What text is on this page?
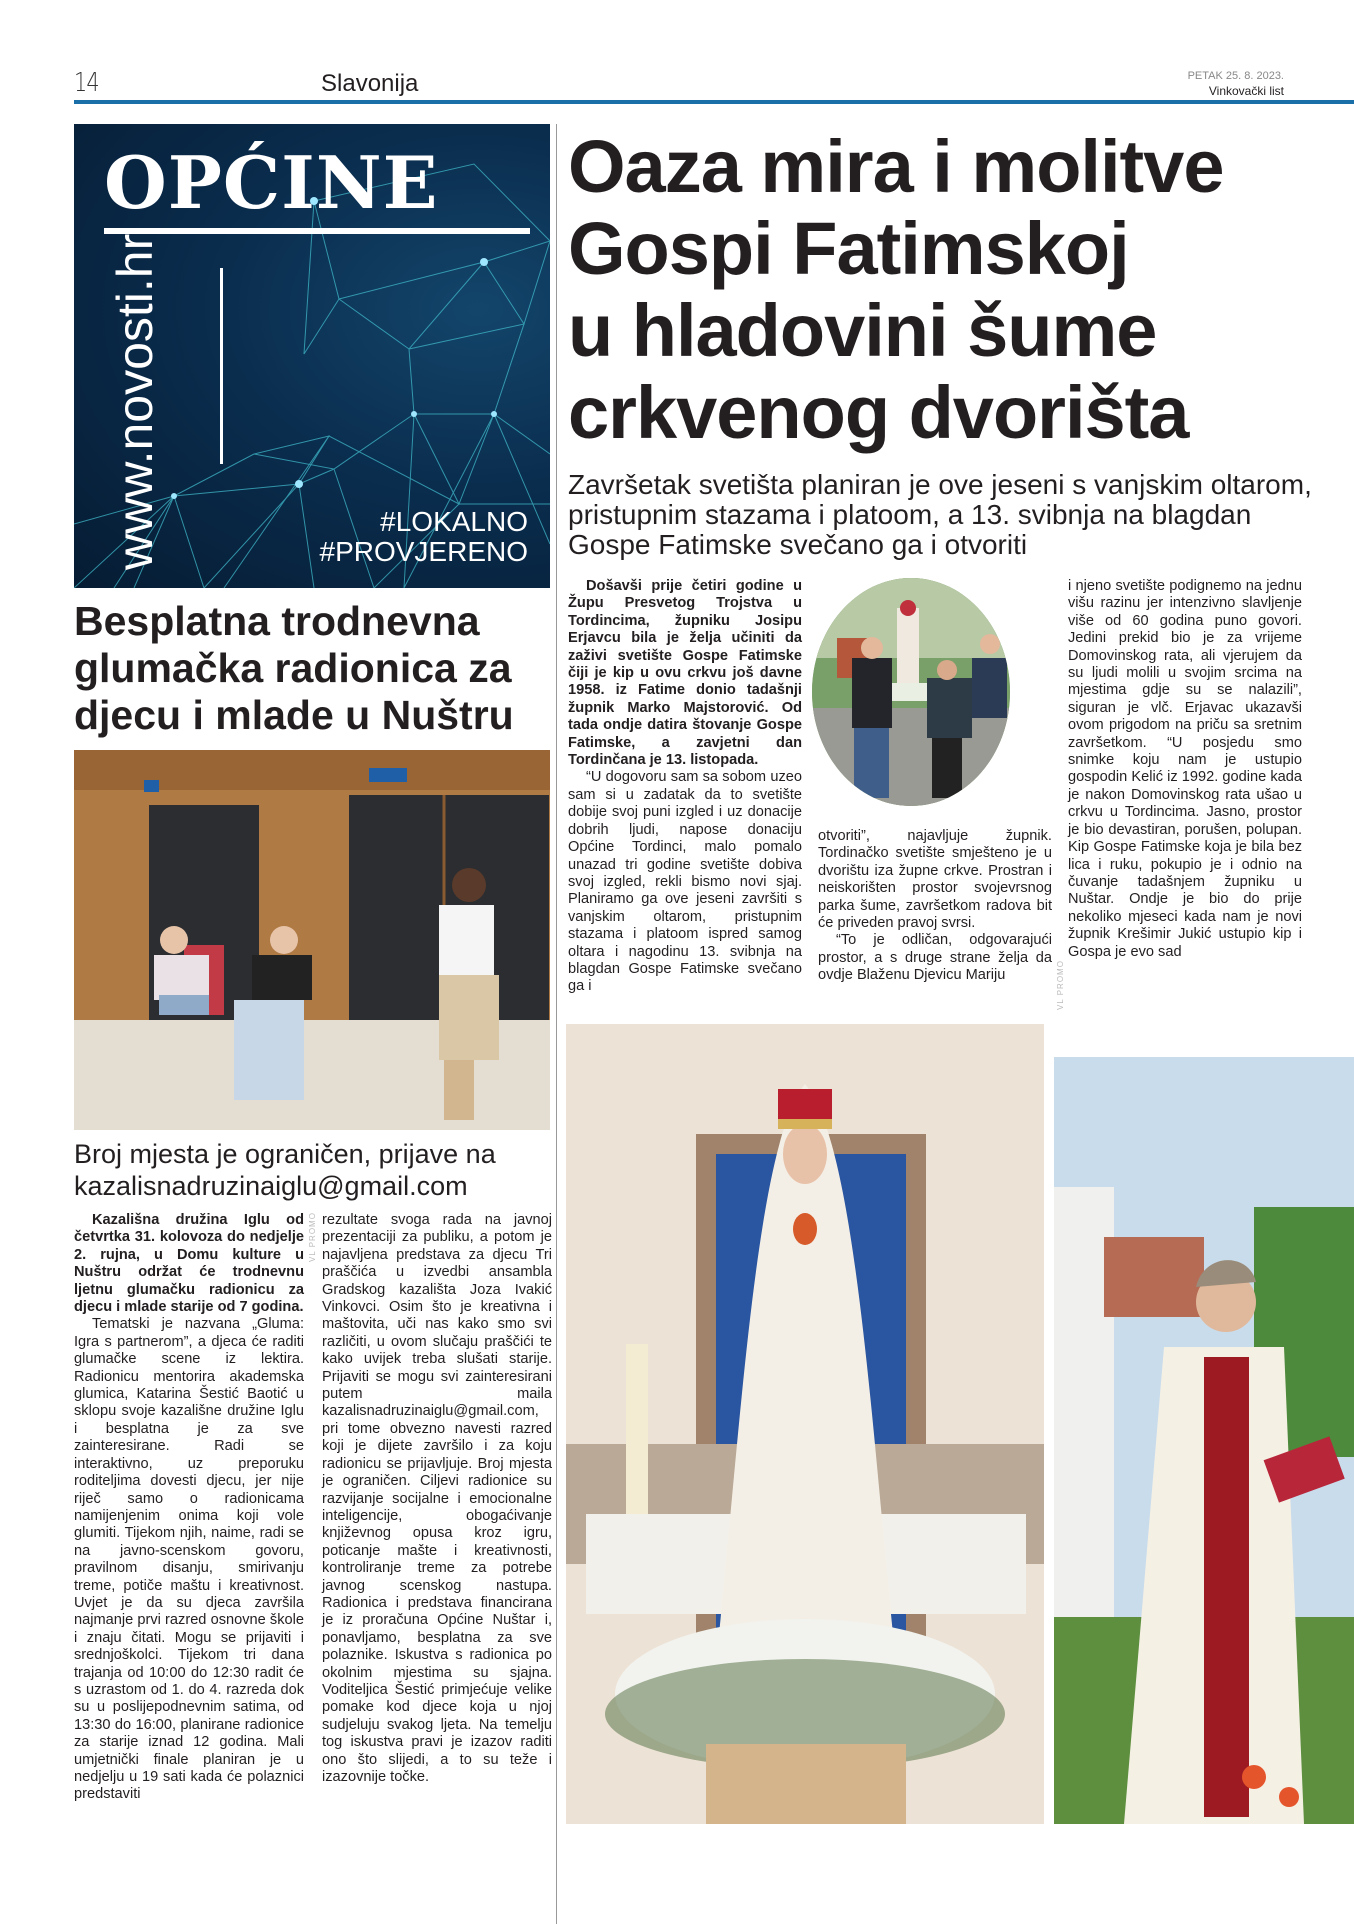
14	Slavonija	PETAK 25. 8. 2023.
Vinkovački list
OPĆINE
www.novosti.hr	#LOKALNO
#PROVJERENO
Besplatna trodnevna glumačka radionica za djecu i mlade u Nuštru
Broj mjesta je ograničen, prijave na kazalisnadruzinaiglu@gmail.com

Kazališna družina Iglu od četvrtka 31. kolovoza do nedjelje 2. rujna, u Domu kulture u Nuštru održat će trodnevnu ljetnu glumačku radionicu za djecu i mlade starije od 7 godina.

Tematski je nazvana „Gluma: Igra s partnerom”, a djeca će raditi glumačke scene iz lektira. Radionicu mentorira akademska glumica, Katarina Šestić Baotić u sklopu svoje kazališne družine Iglu i besplatna je za sve zainteresirane. Radi se interaktivno, uz preporuku roditeljima dovesti djecu, jer nije riječ samo o radionicama namijenjenim onima koji vole glumiti. Tijekom njih, naime, radi se na javno-scenskom govoru, pravilnom disanju, smirivanju treme, potiče maštu i kreativnost. Uvjet je da su djeca završila najmanje prvi razred osnovne škole i znaju čitati. Mogu se prijaviti i srednjoškolci. Tijekom tri dana trajanja od 10:00 do 12:30 radit će s uzrastom od 1. do 4. razreda dok su u poslijepodnevnim satima, od 13:30 do 16:00, planirane radionice za starije iznad 12 godina. Mali umjetnički finale planiran je u nedjelju u 19 sati kada će polaznici predstaviti

VL PROMO rezultate svoga rada na javnoj prezentaciji za publiku, a potom je najavljena predstava za djecu Tri praščića u izvedbi ansambla Gradskog kazališta Joza Ivakić Vinkovci. Osim što je kreativna i maštovita, uči nas kako smo svi različiti, u ovom slučaju praščići te kako uvijek treba slušati starije. Prijaviti se mogu svi zainteresirani putem maila kazalisnadruzinaiglu@gmail.com, pri tome obvezno navesti razred koji je dijete završilo i za koju radionicu se prijavljuje. Broj mjesta je ograničen. Ciljevi radionice su razvijanje socijalne i emocionalne inteligencije, obogaćivanje književnog opusa kroz igru, poticanje mašte i kreativnosti, kontroliranje treme za potrebe javnog scenskog nastupa. Radionica i predstava financirana je iz proračuna Općine Nuštar i, ponavljamo, besplatna za sve polaznike. Iskustva s radionica po okolnim mjestima su sjajna. Voditeljica Šestić primjećuje velike pomake kod djece koja u njoj sudjeluju svakog ljeta. Na temelju tog iskustva pravi je izazov raditi ono što slijedi, a to su teže i izazovnije točke.

Oaza mira i molitve
Gospi Fatimskoj
u hladovini šume
crkvenog dvorišta
Završetak svetišta planiran je ove jeseni s vanjskim oltarom, pristupnim stazama i platoom, a 13. svibnja na blagdan Gospe Fatimske svečano ga i otvoriti

Došavši prije četiri godine u Župu Presvetog Trojstva u Tordincima, župniku Josipu Erjavcu bila je želja učiniti da zaživi svetište Gospe Fatimske čiji je kip u ovu crkvu još davne 1958. iz Fatime donio tadašnji župnik Marko Majstorović. Od tada ondje datira štovanje Gospe Fatimske, a zavjetni dan Tordinčana je 13. listopada.

“U dogovoru sam sa sobom uzeo sam si u zadatak da to svetište dobije svoj puni izgled i uz donacije dobrih ljudi, napose donaciju Općine Tordinci, malo pomalo unazad tri godine svetište dobiva svoj izgled, rekli bismo novi sjaj. Planiramo ga ove jeseni završiti s vanjskim oltarom, pristupnim stazama i platoom ispred samog oltara i nagodinu 13. svibnja na blagdan Gospe Fatimske svečano ga i

otvoriti”, najavljuje župnik. Tordinačko svetište smješteno je u dvorištu iza župne crkve. Prostran i neiskorišten prostor svojevrsnog parka šume, završetkom radova bit će priveden pravoj svrsi.

“To je odličan, odgovarajući prostor, a s druge strane želja da ovdje Blaženu Djevicu Mariju	VL PROMO

i njeno svetište podignemo na jednu višu razinu jer intenzivno slavljenje više od 60 godina puno govori. Jedini prekid bio je za vrijeme Domovinskog rata, ali vjerujem da su ljudi molili u svojim srcima na mjestima gdje su se nalazili”, siguran je vlč. Erjavac ukazavši ovom prigodom na priču sa sretnim završetkom. “U posjedu smo snimke koju nam je ustupio gospodin Kelić iz 1992. godine kada je nakon Domovinskog rata ušao u crkvu u Tordincima. Jasno, prostor je bio devastiran, porušen, polupan. Kip Gospe Fatimske koja je bila bez lica i ruku, pokupio je i odnio na čuvanje tadašnjem župniku u Nuštar. Ondje je bio do prije nekoliko mjeseci kada nam je novi župnik Krešimir Jukić ustupio kip i Gospa je evo sad
